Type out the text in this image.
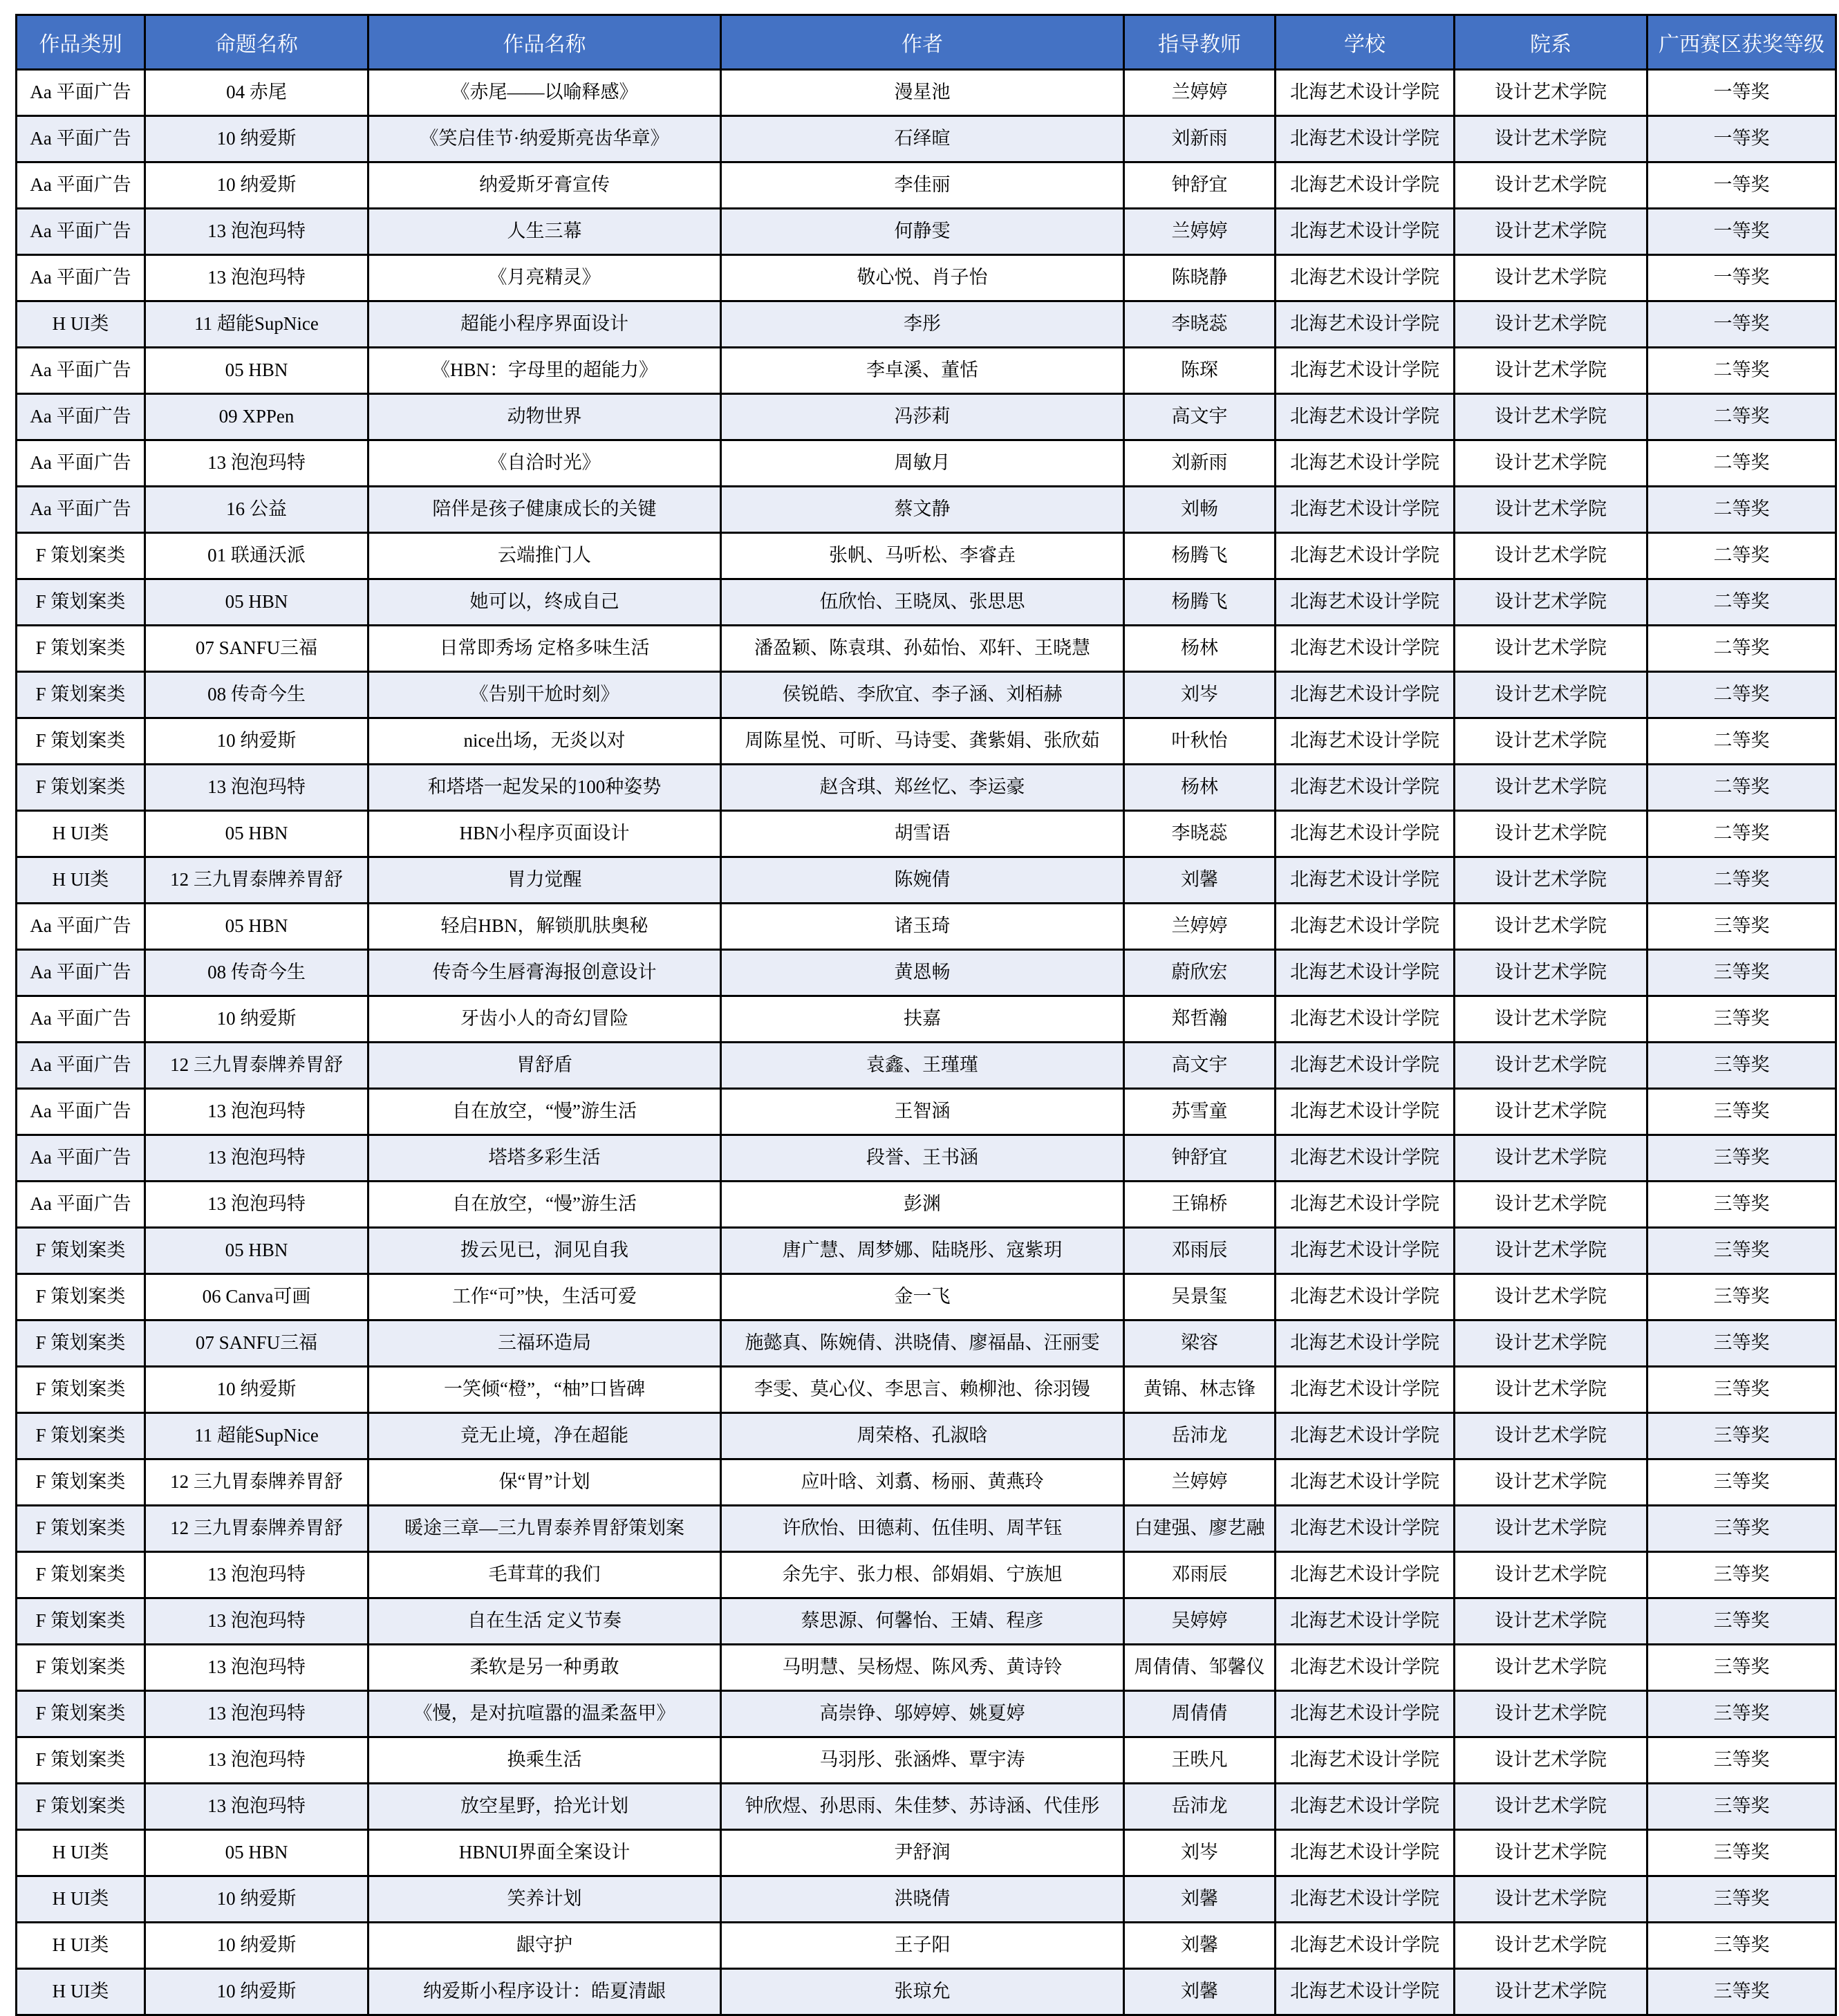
作品类别	命题名称	作品名称	作者	指导教师	学校	院系	广西赛区获奖等级
Aa 平面广告	04 赤尾	《赤尾——以喻释感》	漫星池	兰婷婷	北海艺术设计学院	设计艺术学院	一等奖
Aa 平面广告	10 纳爱斯	《笑启佳节·纳爱斯亮齿华章》	石绎暄	刘新雨	北海艺术设计学院	设计艺术学院	一等奖
Aa 平面广告	10 纳爱斯	纳爱斯牙膏宣传	李佳丽	钟舒宜	北海艺术设计学院	设计艺术学院	一等奖
Aa 平面广告	13 泡泡玛特	人生三幕	何静雯	兰婷婷	北海艺术设计学院	设计艺术学院	一等奖
Aa 平面广告	13 泡泡玛特	《月亮精灵》	敬心悦、肖子怡	陈晓静	北海艺术设计学院	设计艺术学院	一等奖
H UI类	11 超能SupNice	超能小程序界面设计	李彤	李晓蕊	北海艺术设计学院	设计艺术学院	一等奖
Aa 平面广告	05 HBN	《HBN：字母里的超能力》	李卓溪、董恬	陈琛	北海艺术设计学院	设计艺术学院	二等奖
Aa 平面广告	09 XPPen	动物世界	冯莎莉	高文宇	北海艺术设计学院	设计艺术学院	二等奖
Aa 平面广告	13 泡泡玛特	《自洽时光》	周敏月	刘新雨	北海艺术设计学院	设计艺术学院	二等奖
Aa 平面广告	16 公益	陪伴是孩子健康成长的关键	蔡文静	刘畅	北海艺术设计学院	设计艺术学院	二等奖
F 策划案类	01 联通沃派	云端推门人	张帆、马听松、李睿垚	杨腾飞	北海艺术设计学院	设计艺术学院	二等奖
F 策划案类	05 HBN	她可以，终成自己	伍欣怡、王晓凤、张思思	杨腾飞	北海艺术设计学院	设计艺术学院	二等奖
F 策划案类	07 SANFU三福	日常即秀场 定格多味生活	潘盈颖、陈袁琪、孙茹怡、邓轩、王晓慧	杨林	北海艺术设计学院	设计艺术学院	二等奖
F 策划案类	08 传奇今生	《告别干尬时刻》	侯锐皓、李欣宜、李子涵、刘栢赫	刘岑	北海艺术设计学院	设计艺术学院	二等奖
F 策划案类	10 纳爱斯	nice出场，无炎以对	周陈星悦、可昕、马诗雯、龚紫娟、张欣茹	叶秋怡	北海艺术设计学院	设计艺术学院	二等奖
F 策划案类	13 泡泡玛特	和塔塔一起发呆的100种姿势	赵含琪、郑丝忆、李运豪	杨林	北海艺术设计学院	设计艺术学院	二等奖
H UI类	05 HBN	HBN小程序页面设计	胡雪语	李晓蕊	北海艺术设计学院	设计艺术学院	二等奖
H UI类	12 三九胃泰牌养胃舒	胃力觉醒	陈婉倩	刘馨	北海艺术设计学院	设计艺术学院	二等奖
Aa 平面广告	05 HBN	轻启HBN，解锁肌肤奥秘	诸玉琦	兰婷婷	北海艺术设计学院	设计艺术学院	三等奖
Aa 平面广告	08 传奇今生	传奇今生唇膏海报创意设计	黄恩畅	蔚欣宏	北海艺术设计学院	设计艺术学院	三等奖
Aa 平面广告	10 纳爱斯	牙齿小人的奇幻冒险	扶嘉	郑哲瀚	北海艺术设计学院	设计艺术学院	三等奖
Aa 平面广告	12 三九胃泰牌养胃舒	胃舒盾	袁鑫、王瑾瑾	高文宇	北海艺术设计学院	设计艺术学院	三等奖
Aa 平面广告	13 泡泡玛特	自在放空，“慢”游生活	王智涵	苏雪童	北海艺术设计学院	设计艺术学院	三等奖
Aa 平面广告	13 泡泡玛特	塔塔多彩生活	段誉、王书涵	钟舒宜	北海艺术设计学院	设计艺术学院	三等奖
Aa 平面广告	13 泡泡玛特	自在放空，“慢”游生活	彭渊	王锦桥	北海艺术设计学院	设计艺术学院	三等奖
F 策划案类	05 HBN	拨云见已，洞见自我	唐广慧、周梦娜、陆晓彤、寇紫玥	邓雨辰	北海艺术设计学院	设计艺术学院	三等奖
F 策划案类	06 Canva可画	工作“可”快，生活可爱	金一飞	吴景玺	北海艺术设计学院	设计艺术学院	三等奖
F 策划案类	07 SANFU三福	三福环造局	施懿真、陈婉倩、洪晓倩、廖福晶、汪丽雯	梁容	北海艺术设计学院	设计艺术学院	三等奖
F 策划案类	10 纳爱斯	一笑倾“橙”，“柚”口皆碑	李雯、莫心仪、李思言、赖柳池、徐羽镘	黄锦、林志锋	北海艺术设计学院	设计艺术学院	三等奖
F 策划案类	11 超能SupNice	竞无止境，净在超能	周荣格、孔淑晗	岳沛龙	北海艺术设计学院	设计艺术学院	三等奖
F 策划案类	12 三九胃泰牌养胃舒	保“胃”计划	应叶晗、刘翥、杨丽、黄燕玲	兰婷婷	北海艺术设计学院	设计艺术学院	三等奖
F 策划案类	12 三九胃泰牌养胃舒	暖途三章—三九胃泰养胃舒策划案	许欣怡、田德莉、伍佳明、周芊钰	白建强、廖艺融	北海艺术设计学院	设计艺术学院	三等奖
F 策划案类	13 泡泡玛特	毛茸茸的我们	余先宇、张力根、郃娟娟、宁族旭	邓雨辰	北海艺术设计学院	设计艺术学院	三等奖
F 策划案类	13 泡泡玛特	自在生活 定义节奏	蔡思源、何馨怡、王婧、程彦	吴婷婷	北海艺术设计学院	设计艺术学院	三等奖
F 策划案类	13 泡泡玛特	柔软是另一种勇敢	马明慧、吴杨煜、陈风秀、黄诗铃	周倩倩、邹馨仪	北海艺术设计学院	设计艺术学院	三等奖
F 策划案类	13 泡泡玛特	《慢，是对抗喧嚣的温柔盔甲》	高崇铮、邬婷婷、姚夏婷	周倩倩	北海艺术设计学院	设计艺术学院	三等奖
F 策划案类	13 泡泡玛特	换乘生活	马羽彤、张涵烨、覃宇涛	王昳凡	北海艺术设计学院	设计艺术学院	三等奖
F 策划案类	13 泡泡玛特	放空星野，拾光计划	钟欣煜、孙思雨、朱佳梦、苏诗涵、代佳彤	岳沛龙	北海艺术设计学院	设计艺术学院	三等奖
H UI类	05 HBN	HBNUI界面全案设计	尹舒润	刘岑	北海艺术设计学院	设计艺术学院	三等奖
H UI类	10 纳爱斯	笑养计划	洪晓倩	刘馨	北海艺术设计学院	设计艺术学院	三等奖
H UI类	10 纳爱斯	龈守护	王子阳	刘馨	北海艺术设计学院	设计艺术学院	三等奖
H UI类	10 纳爱斯	纳爱斯小程序设计：皓夏清龈	张琼允	刘馨	北海艺术设计学院	设计艺术学院	三等奖
